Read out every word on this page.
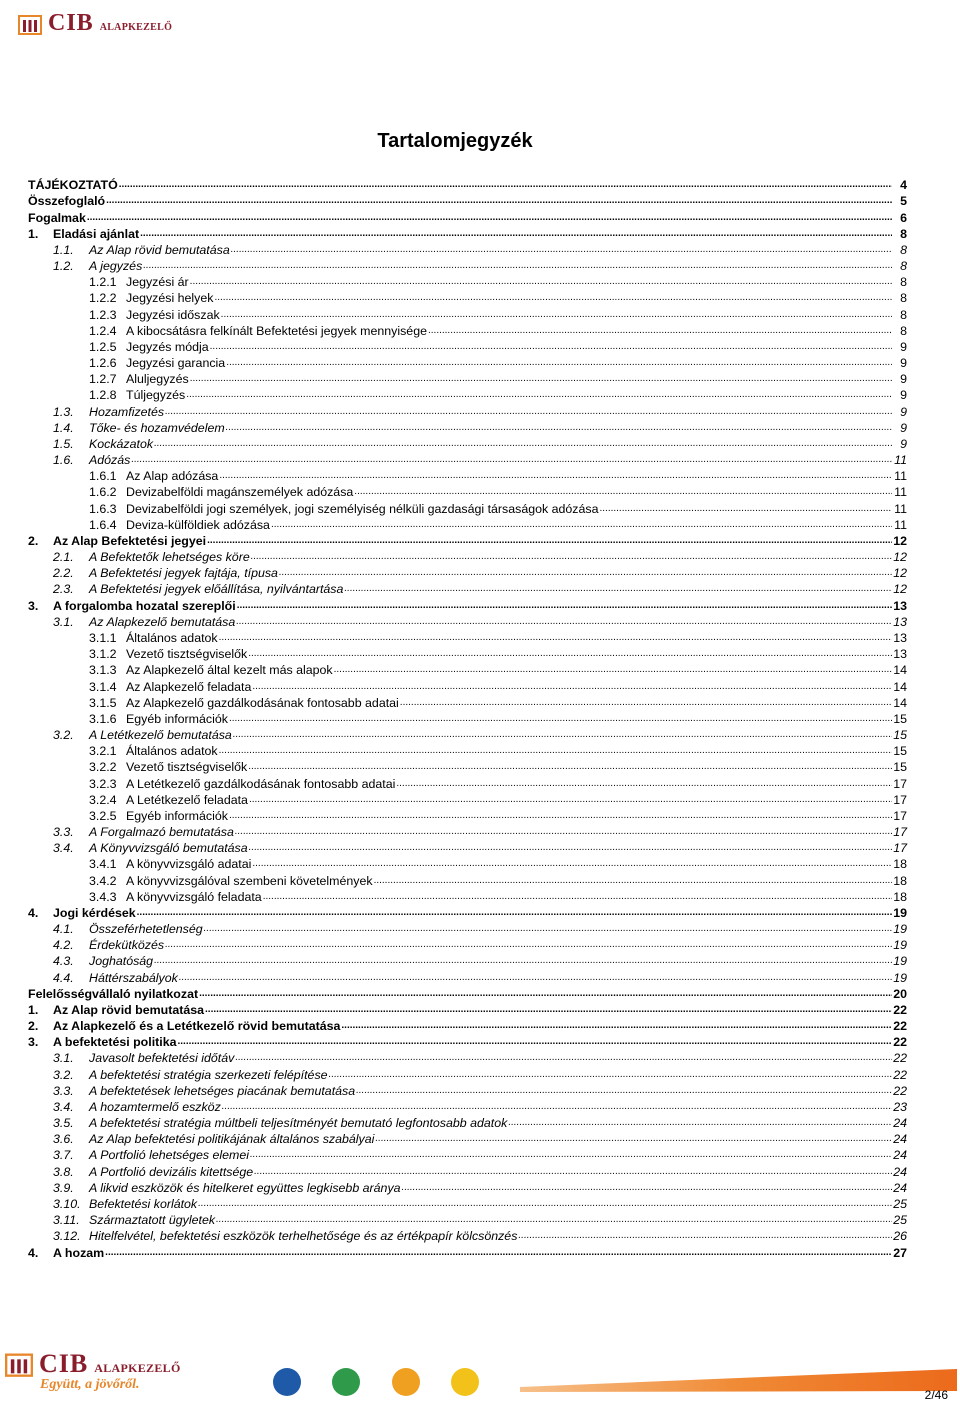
CIB ALAPKEZELŐ
Tartalomjegyzék
TÁJÉKOZTATÓ .....	4
Összefoglaló .....	5
Fogalmak .....	6
1.	Eladási ajánlat .....	8
1.1.	Az Alap rövid bemutatása .....	8
1.2.	A jegyzés .....	8
1.2.1 Jegyzési ár .....	8
1.2.2 Jegyzési helyek .....	8
1.2.3 Jegyzési időszak .....	8
1.2.4 A kibocsátásra felkínált Befektetési jegyek mennyisége .....	8
1.2.5 Jegyzés módja .....	9
1.2.6 Jegyzési garancia .....	9
1.2.7 Aluljegyzés .....	9
1.2.8 Túljegyzés .....	9
1.3.	Hozamfizetés .....	9
1.4.	Tőke- és hozamvédelem .....	9
1.5.	Kockázatok .....	9
1.6.	Adózás .....	11
1.6.1 Az Alap adózása .....	11
1.6.2 Devizabelföldi magánszemélyek adózása .....	11
1.6.3 Devizabelföldi jogi személyek, jogi személyiség nélküli gazdasági társaságok adózása .....	11
1.6.4 Deviza-külföldiek adózása .....	11
2.	Az Alap Befektetési jegyei .....	12
2.1.	A Befektetők lehetséges köre .....	12
2.2.	A Befektetési jegyek fajtája, típusa .....	12
2.3.	A Befektetési jegyek előállítása, nyilvántartása .....	12
3.	A forgalomba hozatal szereplői .....	13
3.1.	Az Alapkezelő bemutatása .....	13
3.1.1 Általános adatok .....	13
3.1.2 Vezető tisztségviselők .....	13
3.1.3 Az Alapkezelő által kezelt más alapok .....	14
3.1.4 Az Alapkezelő feladata .....	14
3.1.5 Az Alapkezelő gazdálkodásának fontosabb adatai .....	14
3.1.6 Egyéb információk .....	15
3.2.	A Letétkezelő bemutatása .....	15
3.2.1 Általános adatok .....	15
3.2.2 Vezető tisztségviselők .....	15
3.2.3 A Letétkezelő gazdálkodásának fontosabb adatai .....	17
3.2.4 A Letétkezelő feladata .....	17
3.2.5 Egyéb információk .....	17
3.3.	A Forgalmazó bemutatása .....	17
3.4.	A Könyvvizsgáló bemutatása .....	17
3.4.1 A könyvvizsgáló adatai .....	18
3.4.2 A könyvvizsgálóval szembeni követelmények .....	18
3.4.3 A könyvvizsgáló feladata .....	18
4.	Jogi kérdések .....	19
4.1.	Összeférhetetlenség .....	19
4.2.	Érdekütközés .....	19
4.3.	Joghatóság .....	19
4.4.	Háttérszabályok .....	19
Felelősségvállaló nyilatkozat .....	20
1.	Az Alap rövid bemutatása .....	22
2.	Az Alapkezelő és a Letétkezelő rövid bemutatása .....	22
3.	A befektetési politika .....	22
3.1.	Javasolt befektetési időtáv .....	22
3.2.	A befektetési stratégia szerkezeti felépítése .....	22
3.3.	A befektetések lehetséges piacának bemutatása .....	22
3.4.	A hozamtermelő eszköz .....	23
3.5.	A befektetési stratégia múltbeli teljesítményét bemutató legfontosabb adatok .....	24
3.6.	Az Alap befektetési politikájának általános szabályai .....	24
3.7.	A Portfolió lehetséges elemei .....	24
3.8.	A Portfolió devizális kitettsége .....	24
3.9.	A likvid eszközök és hitelkeret együttes legkisebb aránya .....	24
3.10. Befektetési korlátok .....	25
3.11. Származtatott ügyletek .....	25
3.12. Hitelfelvétel, befektetési eszközök terhelhetősége és az értékpapír kölcsönzés .....	26
4.	A hozam .....	27
CIB ALAPKEZELŐ
Együtt, a jövőről.
2/46
